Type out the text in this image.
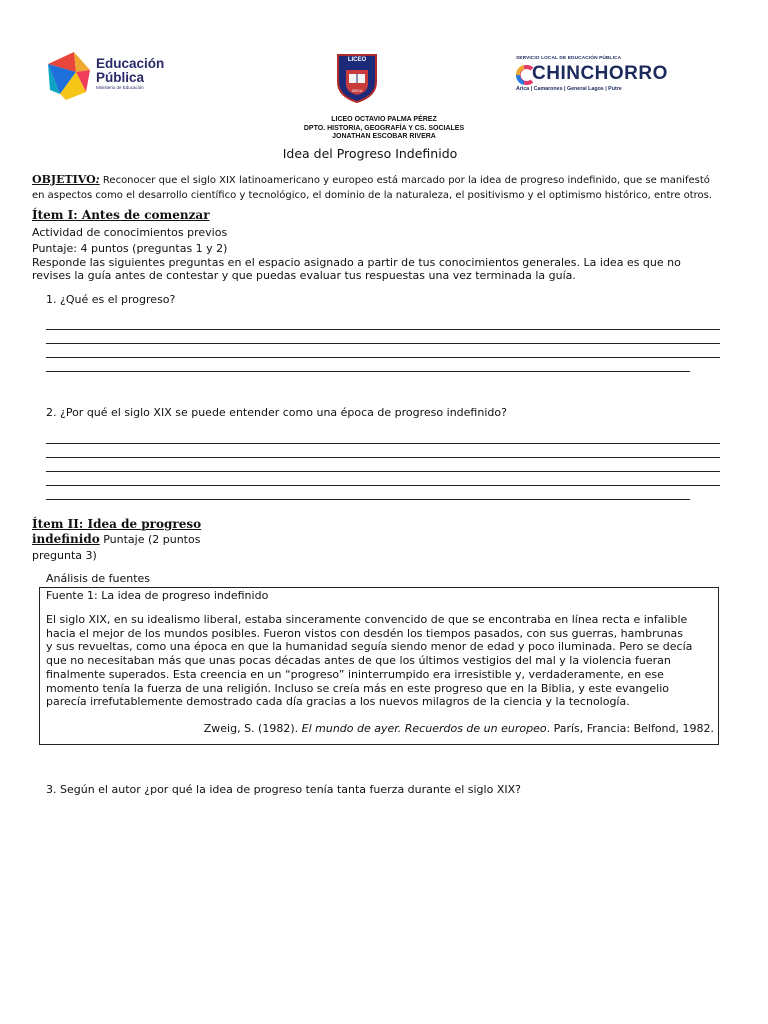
Educación
Pública
Ministerio de Educación
LICEO
ARICA
SERVICIO LOCAL DE EDUCACIÓN PÚBLICA
CHINCHORRO
Arica | Camarones | General Lagos | Putre
LICEO OCTAVIO PALMA PÉREZ
DPTO. HISTORIA, GEOGRAFÍA Y CS. SOCIALES
JONATHAN ESCOBAR RIVERA
Idea del Progreso Indefinido
OBJETIVO: Reconocer que el siglo XIX latinoamericano y europeo está marcado por la idea de progreso indefinido, que se manifestó
en aspectos como el desarrollo científico y tecnológico, el dominio de la naturaleza, el positivismo y el optimismo histórico, entre otros.
Ítem I: Antes de comenzar
Actividad de conocimientos previos
Puntaje: 4 puntos (preguntas 1 y 2)
Responde las siguientes preguntas en el espacio asignado a partir de tus conocimientos generales. La idea es que no
revises la guía antes de contestar y que puedas evaluar tus respuestas una vez terminada la guía.
1. ¿Qué es el progreso?
2. ¿Por qué el siglo XIX se puede entender como una época de progreso indefinido?
Ítem II: Idea de progreso
indefinido Puntaje (2 puntos
pregunta 3)
Análisis de fuentes
Fuente 1: La idea de progreso indefinido
El siglo XIX, en su idealismo liberal, estaba sinceramente convencido de que se encontraba en línea recta e infalible
hacia el mejor de los mundos posibles. Fueron vistos con desdén los tiempos pasados, con sus guerras, hambrunas
y sus revueltas, como una época en que la humanidad seguía siendo menor de edad y poco iluminada. Pero se decía
que no necesitaban más que unas pocas décadas antes de que los últimos vestigios del mal y la violencia fueran
finalmente superados. Esta creencia en un “progreso” ininterrumpido era irresistible y, verdaderamente, en ese
momento tenía la fuerza de una religión. Incluso se creía más en este progreso que en la Biblia, y este evangelio
parecía irrefutablemente demostrado cada día gracias a los nuevos milagros de la ciencia y la tecnología.
Zweig, S. (1982). El mundo de ayer. Recuerdos de un europeo. París, Francia: Belfond, 1982.
3. Según el autor ¿por qué la idea de progreso tenía tanta fuerza durante el siglo XIX?
